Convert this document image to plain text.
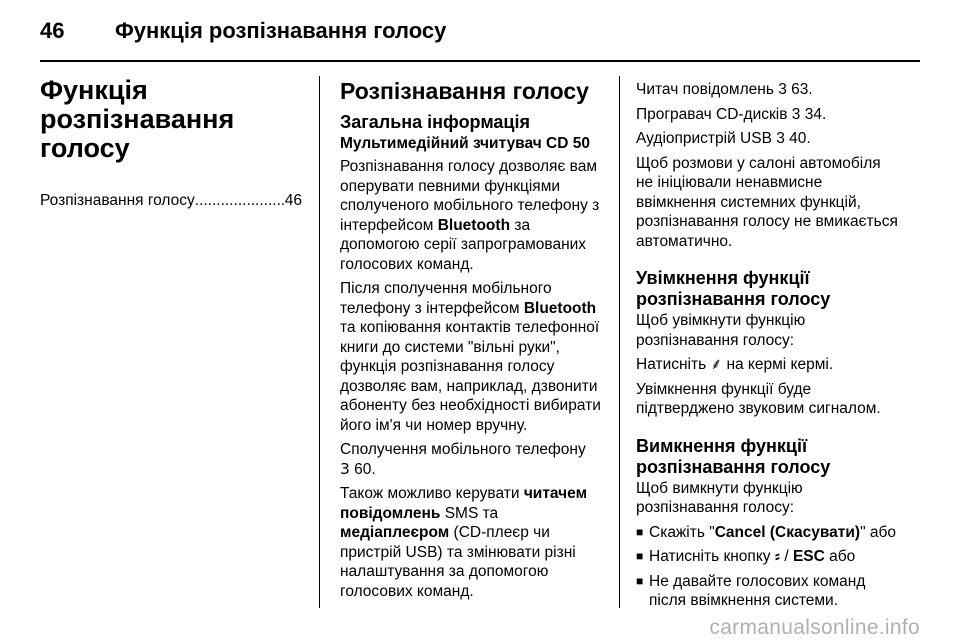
46	Функція розпізнавання голосу
Функція
розпізнавання
голосу
Розпізнавання голосу
.....	46
Розпізнавання голосу
Загальна інформація
Мультимедійний зчитувач CD 50

Розпізнавання голосу дозволяє вам оперувати певними функціями сполученого мобільного телефону з інтерфейсом Bluetooth за допомогою серії запрограмованих голосових команд.

Після сполучення мобільного телефону з інтерфейсом Bluetooth та копіювання контактів телефонної книги до системи "вільні руки", функція розпізнавання голосу дозволяє вам, наприклад, дзвонити абоненту без необхідності вибирати його ім'я чи номер вручну.

Сполучення мобільного телефону
3 60.

Також можливо керувати читачем повідомлень SMS та медіаплеєром (CD-плеєр чи пристрій USB) та змінювати різні налаштування за допомогою голосових команд.

Читач повідомлень 3 63.

Програвач CD-дисків 3 34.

Аудіопристрій USB 3 40.

Щоб розмови у салоні автомобіля не ініціювали ненавмисне ввімкнення системних функцій, розпізнавання голосу не вмикається автоматично.

Увімкнення функції
розпізнавання голосу

Щоб увімкнути функцію розпізнавання голосу:

Натисніть ⸙ на кермі кермі.

Увімкнення функції буде підтверджено звуковим сигналом.

Вимкнення функції
розпізнавання голосу

Щоб вимкнути функцію розпізнавання голосу:

■ Скажіть "Cancel (Скасувати)" або
■ Натисніть кнопку ⸗ / ESC або
■ Не давайте голосових команд після ввімкнення системи.
carmanualsonline.info
